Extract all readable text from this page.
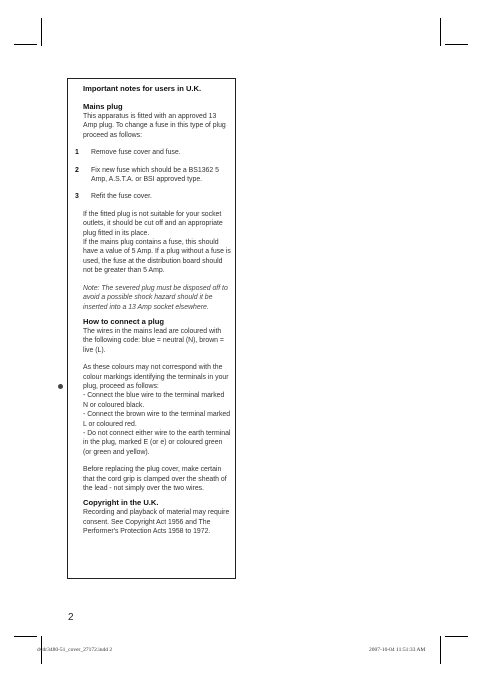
Important notes for users in U.K.

Mains plug

This apparatus is fitted with an approved 13 Amp plug. To change a fuse in this type of plug proceed as follows:

1 Remove fuse cover and fuse.

2 Fix new fuse which should be a BS1362 5 Amp, A.S.T.A. or BSI approved type.

3 Refit the fuse cover.

If the fitted plug is not suitable for your socket outlets, it should be cut off and an appropriate plug fitted in its place.

If the mains plug contains a fuse, this should have a value of 5 Amp. If a plug without a fuse is used, the fuse at the distribution board should not be greater than 5 Amp.

Note: The severed plug must be disposed off to avoid a possible shock hazard should it be inserted into a 13 Amp socket elsewhere.

How to connect a plug

The wires in the mains lead are coloured with the following code: blue = neutral (N), brown = live (L).

As these colours may not correspond with the colour markings identifying the terminals in your plug, proceed as follows:

- Connect the blue wire to the terminal marked N or coloured black.

- Connect the brown wire to the terminal marked L or coloured red.

- Do not connect either wire to the earth terminal in the plug, marked E (or e) or coloured green (or green and yellow).

Before replacing the plug cover, make certain that the cord grip is clamped over the sheath of the lead - not simply over the two wires.

Copyright in the U.K.

Recording and playback of material may require consent. See Copyright Act 1956 and The Performer's Protection Acts 1958 to 1972.

2
dvdr3480-51_cover_27172.indd 2	2007-10-04 11:51:33 AM
